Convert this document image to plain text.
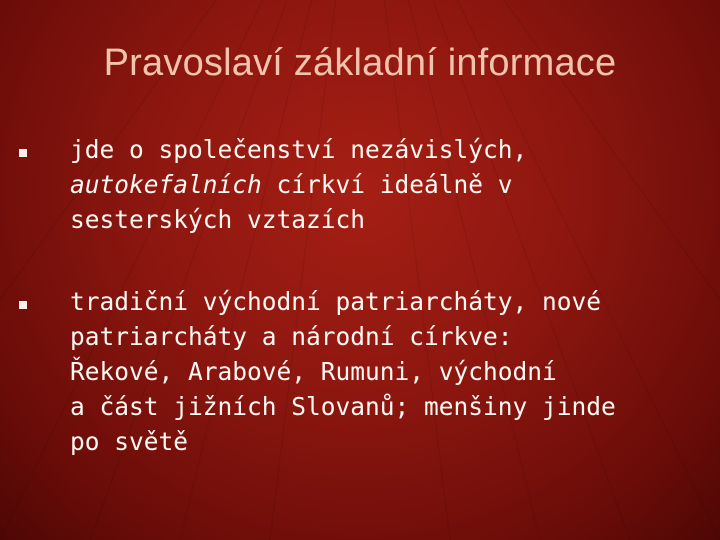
Pravoslaví základní informace
jde o společenství nezávislých,
autokefalních církví ideálně v
sesterských vztazích
tradiční východní patriarcháty, nové
patriarcháty a národní církve:
Řekové, Arabové, Rumuni, východní
a část jižních Slovanů; menšiny jinde
po světě
